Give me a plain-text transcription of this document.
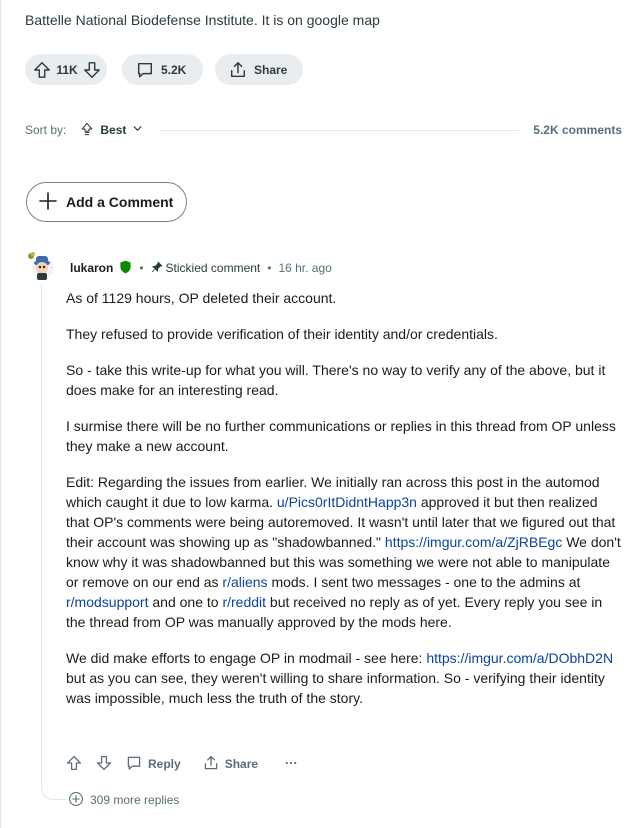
Battelle National Biodefense Institute. It is on google map
11K	5.2K	Share
Sort by:	Best	5.2K comments
Add a Comment
lukaron • Stickied comment • 16 hr. ago

As of 1129 hours, OP deleted their account.

They refused to provide verification of their identity and/or credentials.

So - take this write-up for what you will. There's no way to verify any of the above, but it does make for an interesting read.

I surmise there will be no further communications or replies in this thread from OP unless they make a new account.

Edit: Regarding the issues from earlier. We initially ran across this post in the automod which caught it due to low karma. u/Pics0rItDidntHapp3n approved it but then realized that OP's comments were being autoremoved. It wasn't until later that we figured out that their account was showing up as "shadowbanned." https://imgur.com/a/ZjRBEgc We don't know why it was shadowbanned but this was something we were not able to manipulate or remove on our end as r/aliens mods. I sent two messages - one to the admins at r/modsupport and one to r/reddit but received no reply as of yet. Every reply you see in the thread from OP was manually approved by the mods here.

We did make efforts to engage OP in modmail - see here: https://imgur.com/a/DObhD2N but as you can see, they weren't willing to share information. So - verifying their identity was impossible, much less the truth of the story.

Reply	Share
309 more replies
